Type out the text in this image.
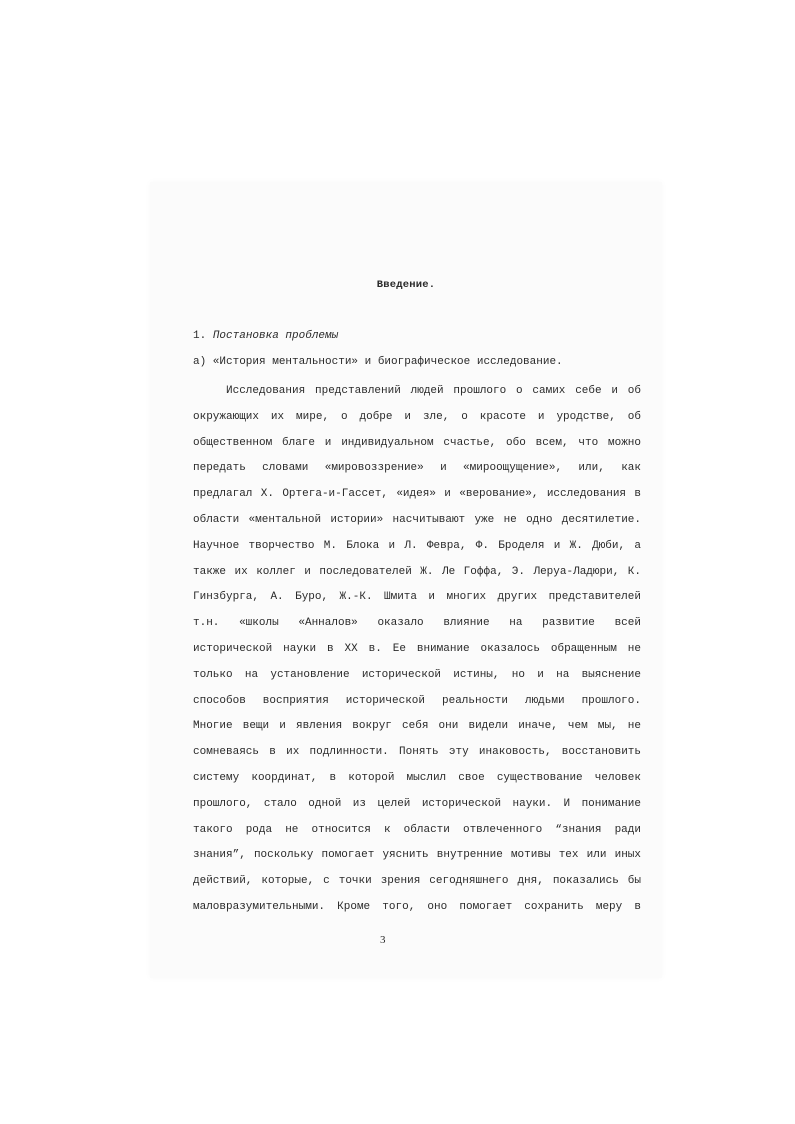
Введение.
1. Постановка проблемы
а) «История ментальности» и биографическое исследование.
Исследования представлений людей прошлого о самих себе и об
окружающих их мире, о добре и зле, о красоте и уродстве, об
общественном благе и индивидуальном счастье, обо всем, что можно
передать словами «мировоззрение» и «мироощущение», или, как
предлагал Х. Ортега-и-Гассет, «идея» и «верование», исследования в
области «ментальной истории» насчитывают уже не одно десятилетие.
Научное творчество М. Блока и Л. Февра, Ф. Броделя и Ж. Дюби, а
также их коллег и последователей Ж. Ле Гоффа, Э. Леруа-Ладюри, К.
Гинзбурга, А. Буро, Ж.-К. Шмита и многих других представителей
т.н. «школы «Анналов» оказало влияние на развитие всей
исторической науки в XX в. Ее внимание оказалось обращенным не
только на установление исторической истины, но и на выяснение
способов восприятия исторической реальности людьми прошлого.
Многие вещи и явления вокруг себя они видели иначе, чем мы, не
сомневаясь в их подлинности. Понять эту инаковость, восстановить
систему координат, в которой мыслил свое существование человек
прошлого, стало одной из целей исторической науки. И понимание
такого рода не относится к области отвлеченного “знания ради
знания”, поскольку помогает уяснить внутренние мотивы тех или иных
действий, которые, с точки зрения сегодняшнего дня, показались бы
маловразумительными. Кроме того, оно помогает сохранить меру в
3
